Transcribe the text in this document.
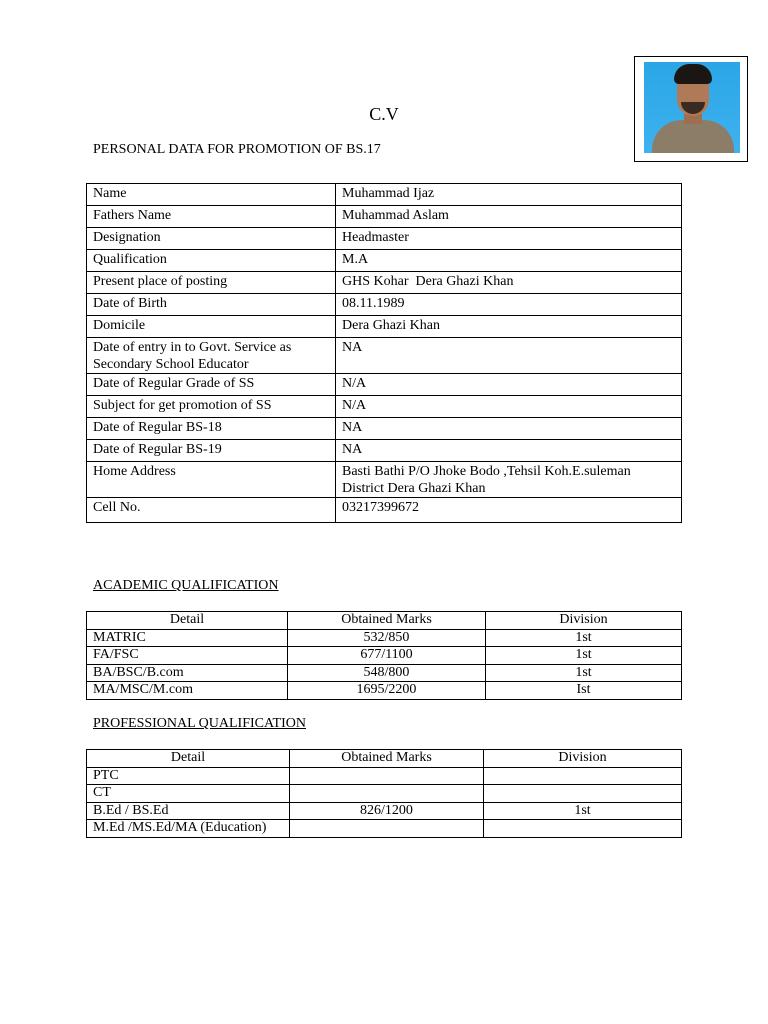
C.V
PERSONAL DATA FOR PROMOTION OF BS.17
Name	Muhammad Ijaz
Fathers Name	Muhammad Aslam
Designation	Headmaster
Qualification	M.A
Present place of posting	GHS Kohar  Dera Ghazi Khan
Date of Birth	08.11.1989
Domicile	Dera Ghazi Khan
Date of entry in to Govt. Service as Secondary School Educator	NA
Date of Regular Grade of SS	N/A
Subject for get promotion of SS	N/A
Date of Regular BS-18	NA
Date of Regular BS-19	NA
Home Address	Basti Bathi P/O Jhoke Bodo ,Tehsil Koh.E.suleman District Dera Ghazi Khan
Cell No.	03217399672
ACADEMIC QUALIFICATION
Detail	Obtained Marks	Division
MATRIC	532/850	1st
FA/FSC	677/1100	1st
BA/BSC/B.com	548/800	1st
MA/MSC/M.com	1695/2200	Ist
PROFESSIONAL QUALIFICATION
Detail	Obtained Marks	Division
PTC		
CT		
B.Ed / BS.Ed	826/1200	1st
M.Ed /MS.Ed/MA (Education)		
